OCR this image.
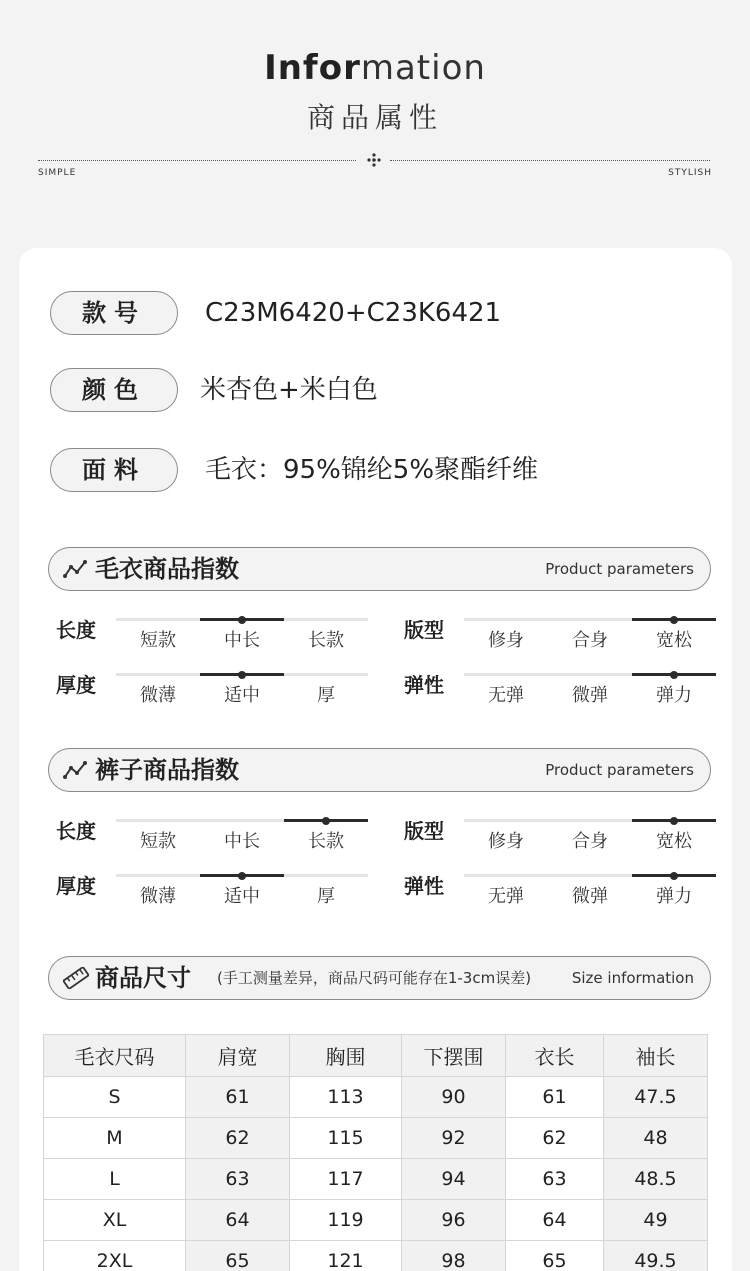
Information
商品属性
SIMPLE	STYLISH
款号	C23M6420+C23K6421
颜色	米杏色+米白色
面料	毛衣：95%锦纶5%聚酯纤维
毛衣商品指数	Product parameters
长度	短款	中长	长款	版型	修身	合身	宽松
厚度	微薄	适中	厚	弹性	无弹	微弹	弹力
裤子商品指数	Product parameters
长度	短款	中长	长款	版型	修身	合身	宽松
厚度	微薄	适中	厚	弹性	无弹	微弹	弹力
商品尺寸 (手工测量差异，商品尺码可能存在1-3cm误差)	Size information
毛衣尺码	肩宽	胸围	下摆围	衣长	袖长
S	61	113	90	61	47.5
M	62	115	92	62	48
L	63	117	94	63	48.5
XL	64	119	96	64	49
2XL	65	121	98	65	49.5
